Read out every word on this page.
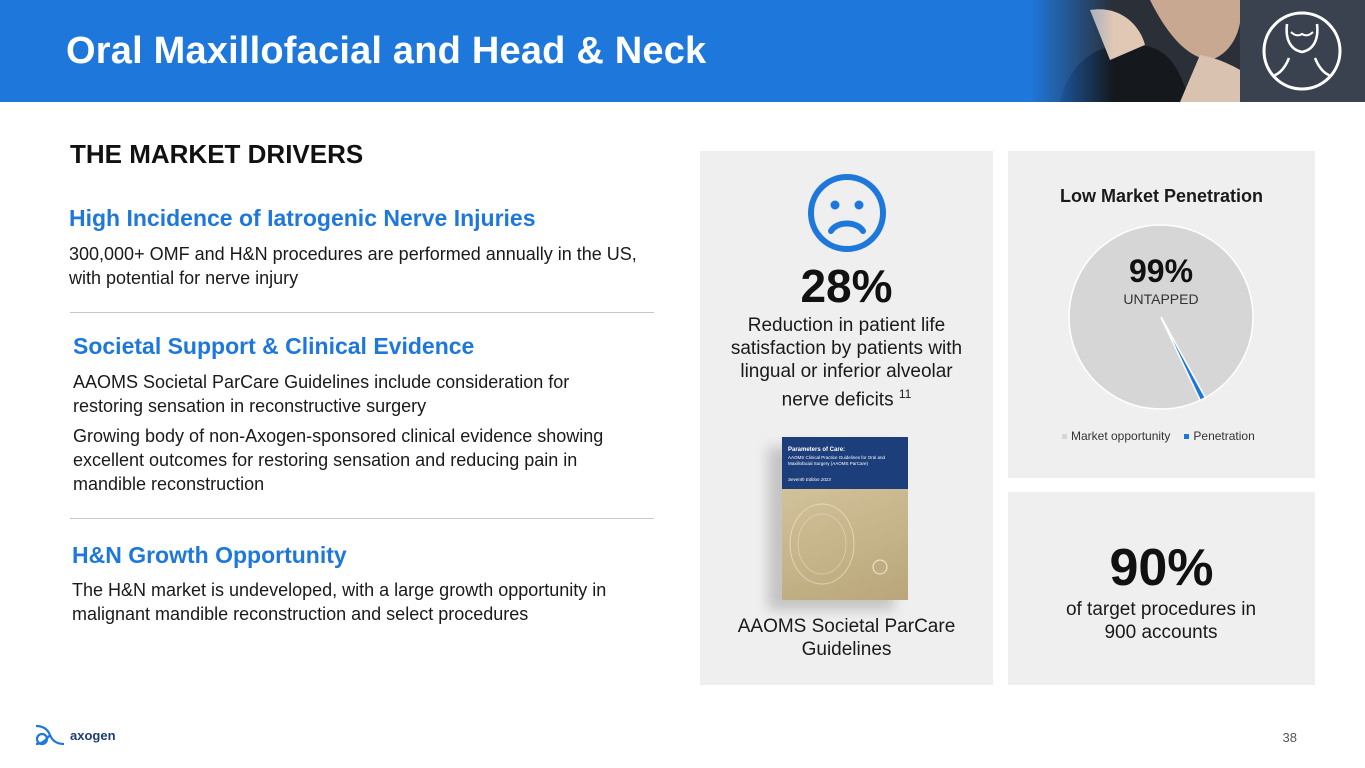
Oral Maxillofacial and Head & Neck
THE MARKET DRIVERS
High Incidence of Iatrogenic Nerve Injuries
300,000+ OMF and H&N procedures are performed annually in the US, with potential for nerve injury
Societal Support & Clinical Evidence
AAOMS Societal ParCare Guidelines include consideration for restoring sensation in reconstructive surgery
Growing body of non-Axogen-sponsored clinical evidence showing excellent outcomes for restoring sensation and reducing pain in mandible reconstruction
H&N Growth Opportunity
The H&N market is undeveloped, with a large growth opportunity in malignant mandible reconstruction and select procedures
28%
Reduction in patient life satisfaction by patients with lingual or inferior alveolar nerve deficits $^{11}$
Parameters of Care:
AAOMS Clinical Practice Guidelines for Oral and Maxillofacial Surgery (AAOMS ParCare)
Seventh Edition 2023
AAOMS Societal ParCare Guidelines
Low Market Penetration
99%
UNTAPPED
Market opportunity	Penetration
90%
of target procedures in 900 accounts
axogen	38
